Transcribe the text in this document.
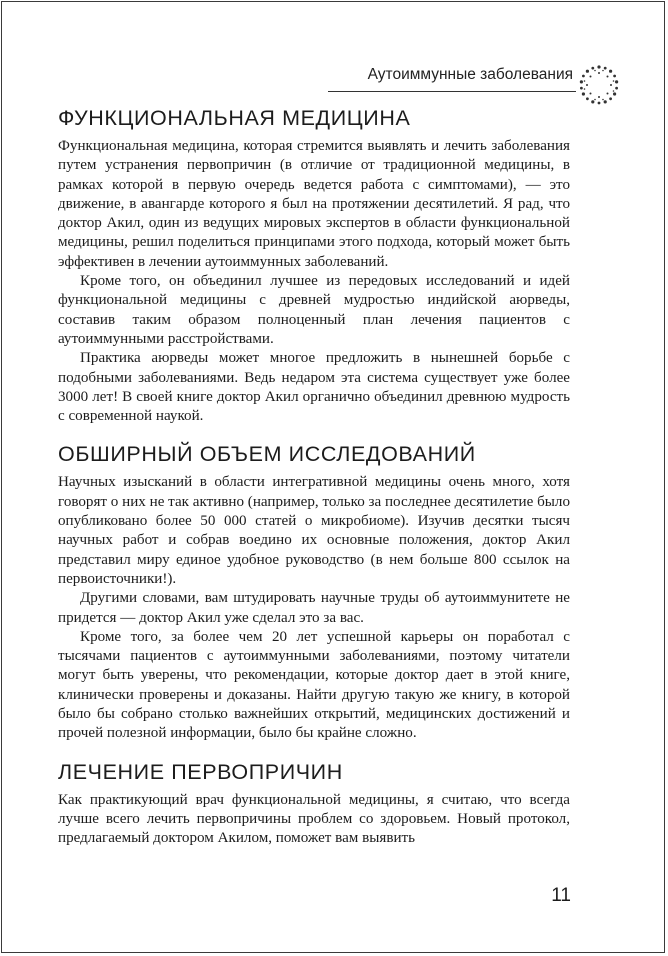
Аутоиммунные заболевания
ФУНКЦИОНАЛЬНАЯ МЕДИЦИНА

Функциональная медицина, которая стремится выявлять и лечить заболевания путем устранения первопричин (в отличие от традиционной медицины, в рамках которой в первую очередь ведется работа с симптомами), — это движение, в авангарде которого я был на протяжении десятилетий. Я рад, что доктор Акил, один из ведущих мировых экспертов в области функциональной медицины, решил поделиться принципами этого подхода, который может быть эффективен в лечении аутоиммунных заболеваний.

Кроме того, он объединил лучшее из передовых исследований и идей функциональной медицины с древней мудростью индийской аюрведы, составив таким образом полноценный план лечения пациентов с аутоиммунными расстройствами.

Практика аюрведы может многое предложить в нынешней борьбе с подобными заболеваниями. Ведь недаром эта система существует уже более 3000 лет! В своей книге доктор Акил органично объединил древнюю мудрость с современной наукой.

ОБШИРНЫЙ ОБЪЕМ ИССЛЕДОВАНИЙ

Научных изысканий в области интегративной медицины очень много, хотя говорят о них не так активно (например, только за последнее десятилетие было опубликовано более 50 000 статей о микробиоме). Изучив десятки тысяч научных работ и собрав воедино их основные положения, доктор Акил представил миру единое удобное руководство (в нем больше 800 ссылок на первоисточники!).

Другими словами, вам штудировать научные труды об аутоиммунитете не придется — доктор Акил уже сделал это за вас.

Кроме того, за более чем 20 лет успешной карьеры он поработал с тысячами пациентов с аутоиммунными заболеваниями, поэтому читатели могут быть уверены, что рекомендации, которые доктор дает в этой книге, клинически проверены и доказаны. Найти другую такую же книгу, в которой было бы собрано столько важнейших открытий, медицинских достижений и прочей полезной информации, было бы крайне сложно.

ЛЕЧЕНИЕ ПЕРВОПРИЧИН

Как практикующий врач функциональной медицины, я считаю, что всегда лучше всего лечить первопричины проблем со здоровьем. Новый протокол, предлагаемый доктором Акилом, поможет вам выявить

11
